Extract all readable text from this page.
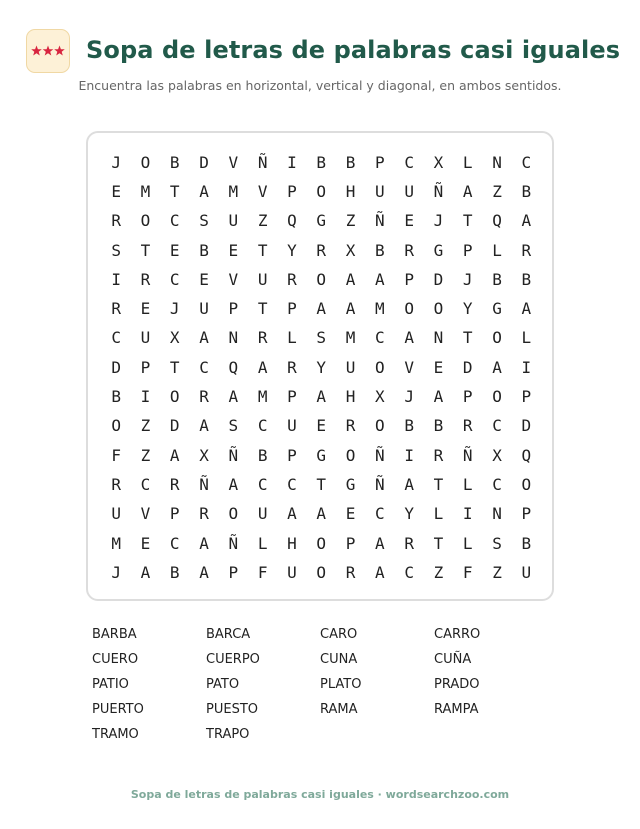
Sopa de letras de palabras casi iguales
Encuentra las palabras en horizontal, vertical y diagonal, en ambos sentidos.
J	O	B	D	V	Ñ	I	B	B	P	C	X	L	N	C
E	M	T	A	M	V	P	O	H	U	U	Ñ	A	Z	B
R	O	C	S	U	Z	Q	G	Z	Ñ	E	J	T	Q	A
S	T	E	B	E	T	Y	R	X	B	R	G	P	L	R
I	R	C	E	V	U	R	O	A	A	P	D	J	B	B
R	E	J	U	P	T	P	A	A	M	O	O	Y	G	A
C	U	X	A	N	R	L	S	M	C	A	N	T	O	L
D	P	T	C	Q	A	R	Y	U	O	V	E	D	A	I
B	I	O	R	A	M	P	A	H	X	J	A	P	O	P
O	Z	D	A	S	C	U	E	R	O	B	B	R	C	D
F	Z	A	X	Ñ	B	P	G	O	Ñ	I	R	Ñ	X	Q
R	C	R	Ñ	A	C	C	T	G	Ñ	A	T	L	C	O
U	V	P	R	O	U	A	A	E	C	Y	L	I	N	P
M	E	C	A	Ñ	L	H	O	P	A	R	T	L	S	B
J	A	B	A	P	F	U	O	R	A	C	Z	F	Z	U
BARBA	BARCA	CARO	CARRO
CUERO	CUERPO	CUNA	CUÑA
PATIO	PATO	PLATO	PRADO
PUERTO	PUESTO	RAMA	RAMPA
TRAMO	TRAPO
Sopa de letras de palabras casi iguales · wordsearchzoo.com
